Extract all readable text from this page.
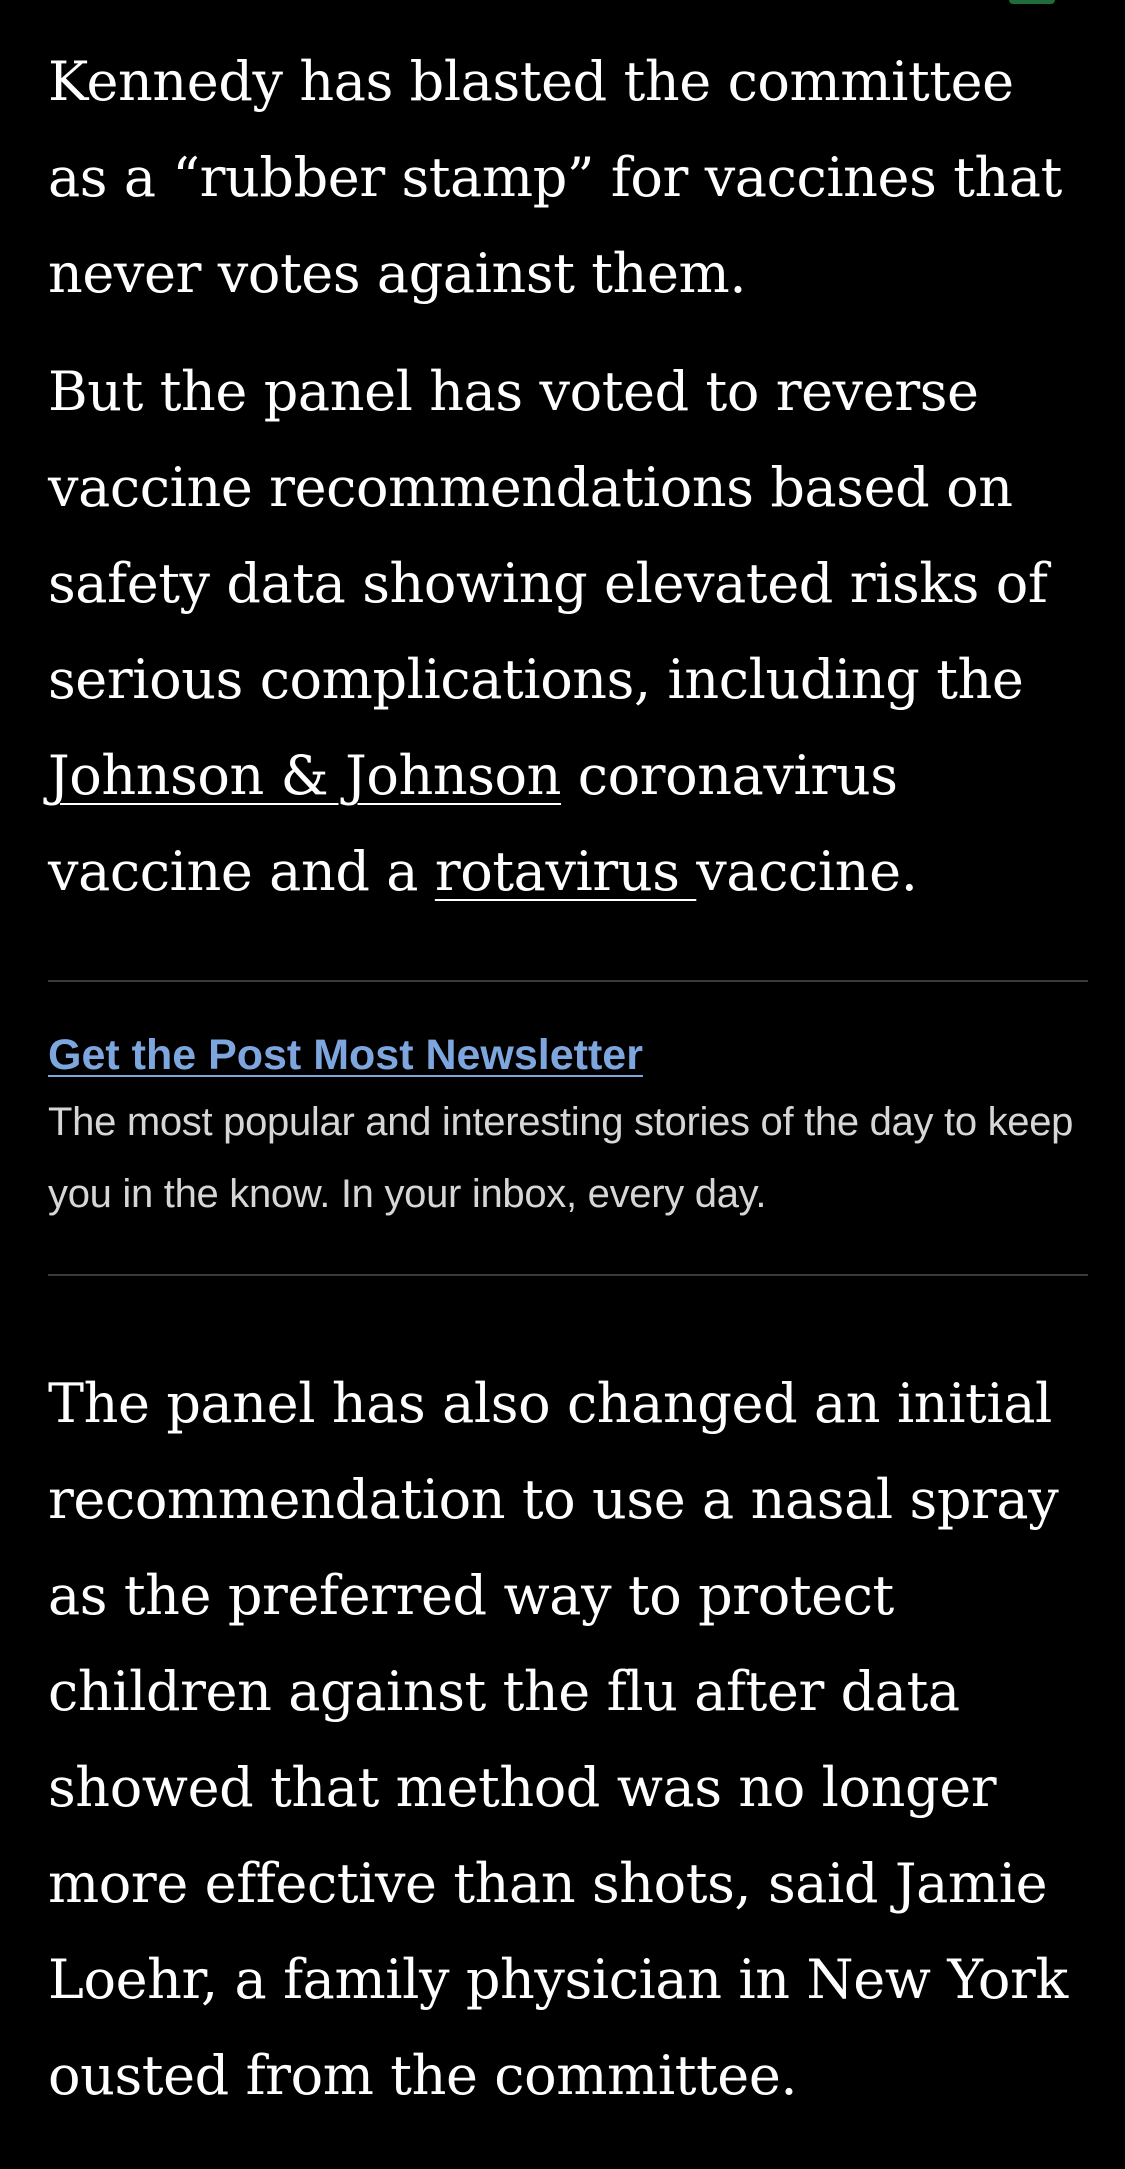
Kennedy has blasted the committee as a “rubber stamp” for vaccines that never votes against them.

But the panel has voted to reverse vaccine recommendations based on safety data showing elevated risks of serious complications, including the Johnson & Johnson coronavirus vaccine and a rotavirus vaccine.

Get the Post Most Newsletter

The most popular and interesting stories of the day to keep you in the know. In your inbox, every day.

The panel has also changed an initial recommendation to use a nasal spray as the preferred way to protect children against the flu after data showed that method was no longer more effective than shots, said Jamie Loehr, a family physician in New York ousted from the committee.
